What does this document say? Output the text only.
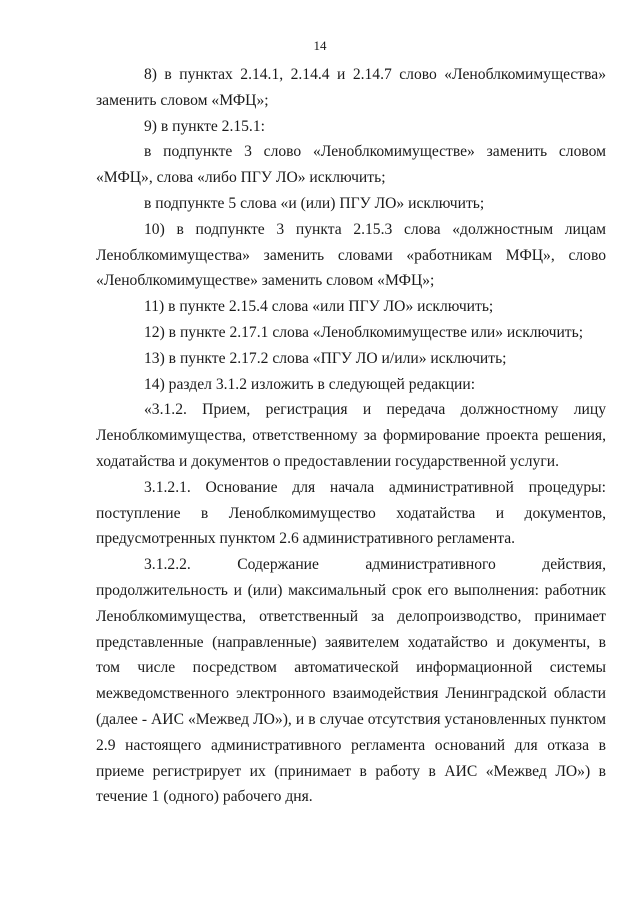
14

8) в пунктах 2.14.1, 2.14.4 и 2.14.7 слово «Леноблкомимущества» заменить словом «МФЦ»;

9) в пункте 2.15.1:

в подпункте 3 слово «Леноблкомимуществе» заменить словом «МФЦ», слова «либо ПГУ ЛО» исключить;

в подпункте 5 слова «и (или) ПГУ ЛО» исключить;

10) в подпункте 3 пункта 2.15.3 слова «должностным лицам Леноблкомимущества» заменить словами «работникам МФЦ», слово «Леноблкомимуществе» заменить словом «МФЦ»;

11) в пункте 2.15.4 слова «или ПГУ ЛО» исключить;

12) в пункте 2.17.1 слова «Леноблкомимуществе или» исключить;

13) в пункте 2.17.2 слова «ПГУ ЛО и/или» исключить;

14) раздел 3.1.2 изложить в следующей редакции:

«3.1.2. Прием, регистрация и передача должностному лицу Леноблкомимущества, ответственному за формирование проекта решения, ходатайства и документов о предоставлении государственной услуги.

3.1.2.1. Основание для начала административной процедуры: поступление в Леноблкомимущество ходатайства и документов, предусмотренных пунктом 2.6 административного регламента.

3.1.2.2. Содержание административного действия, продолжительность и (или) максимальный срок его выполнения: работник Леноблкомимущества, ответственный за делопроизводство, принимает представленные (направленные) заявителем ходатайство и документы, в том числе посредством автоматической информационной системы межведомственного электронного взаимодействия Ленинградской области (далее - АИС «Межвед ЛО»), и в случае отсутствия установленных пунктом 2.9 настоящего административного регламента оснований для отказа в приеме регистрирует их (принимает в работу в АИС «Межвед ЛО») в течение 1 (одного) рабочего дня.
